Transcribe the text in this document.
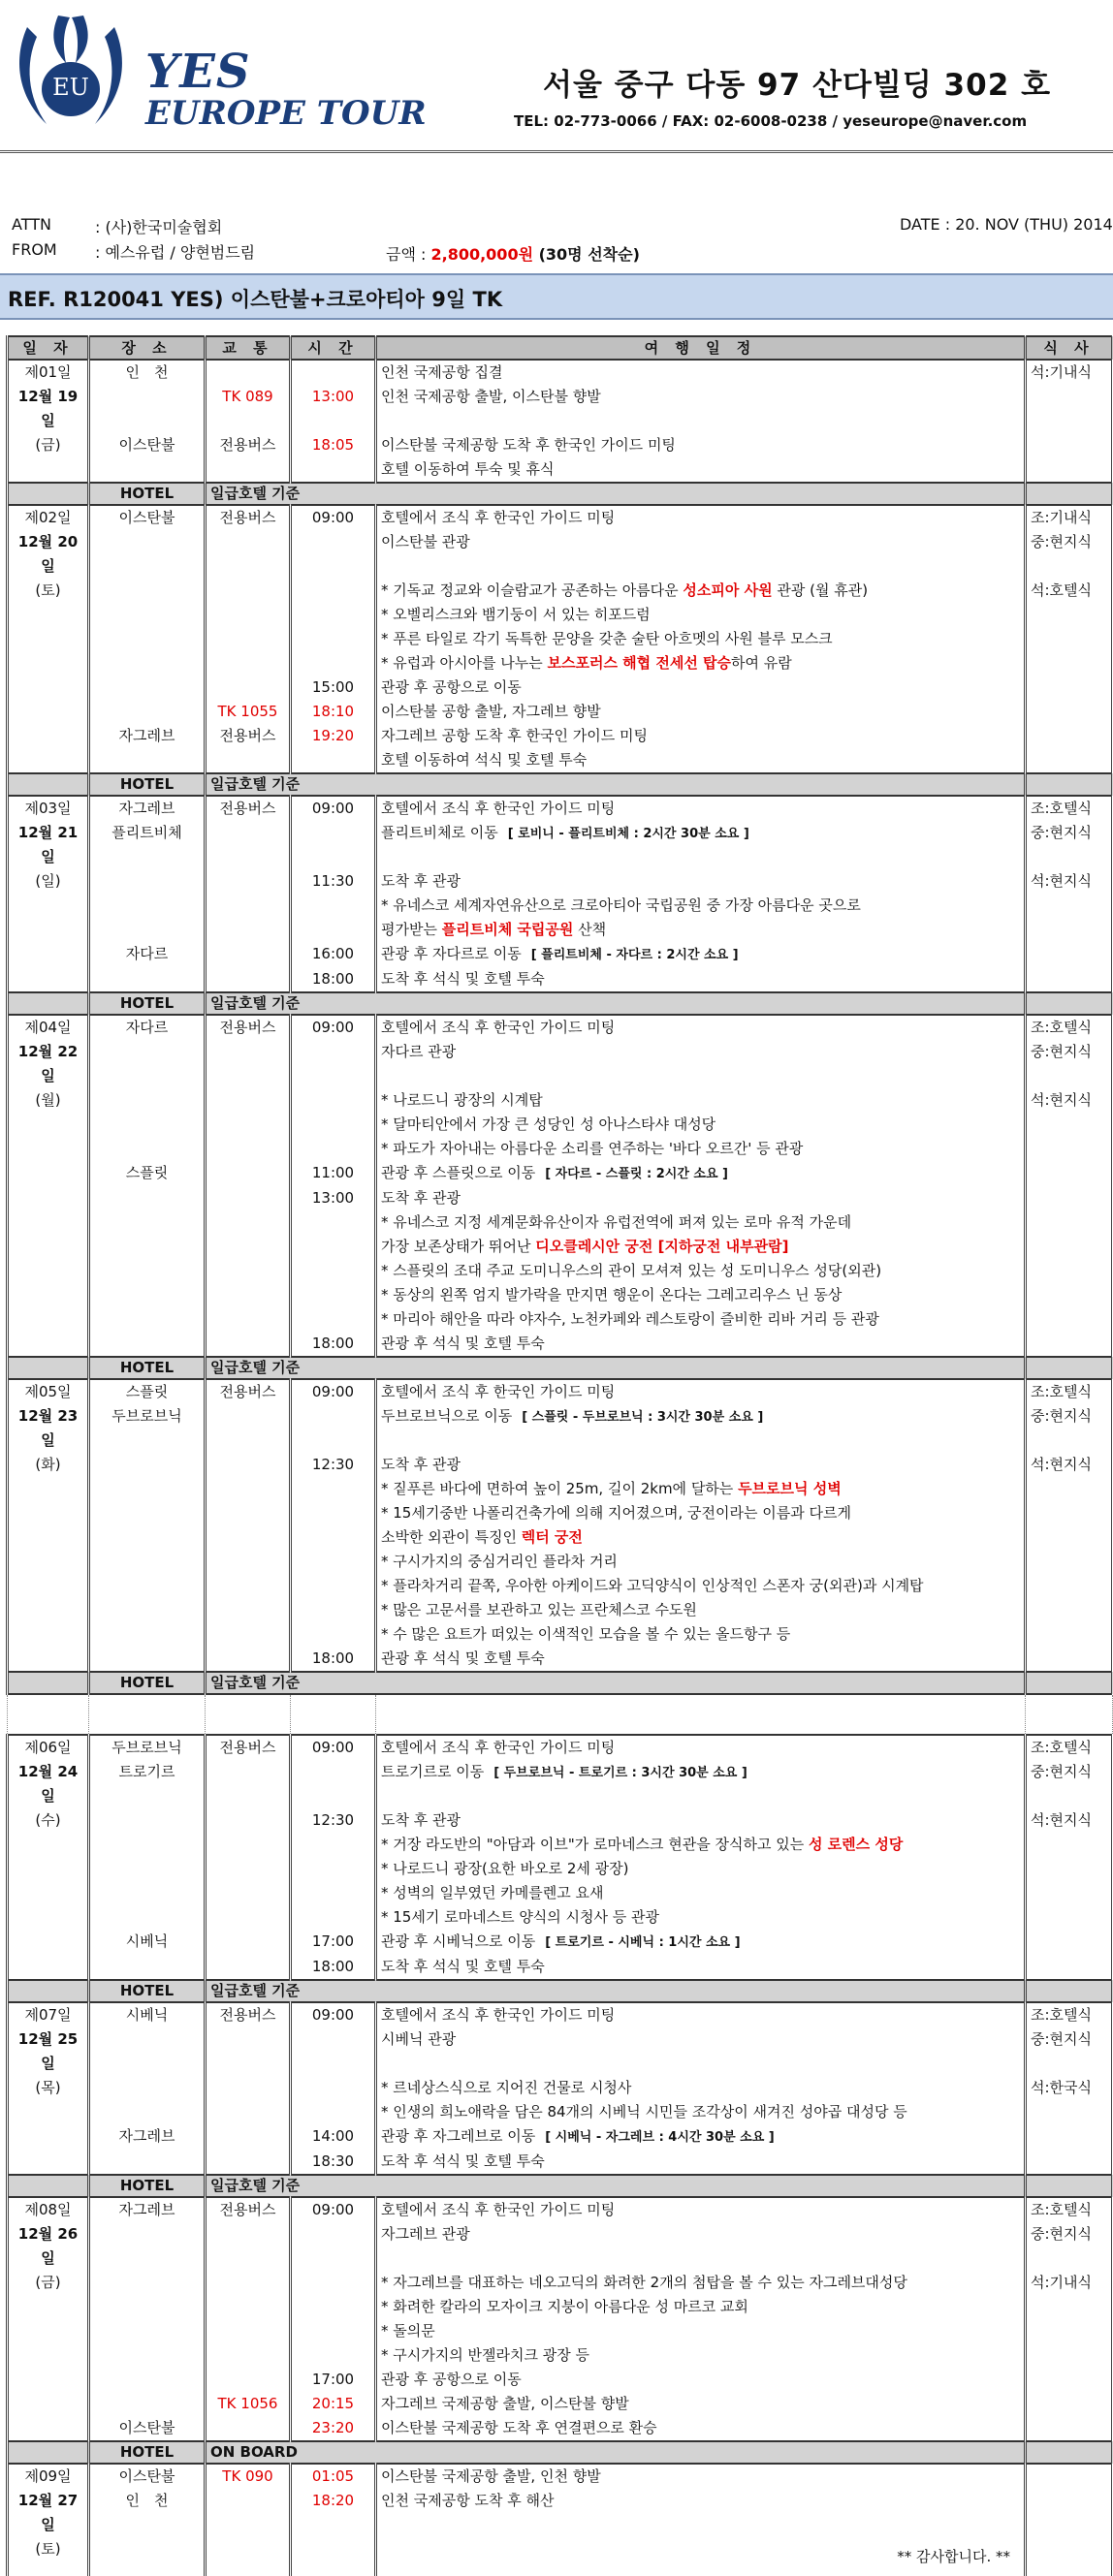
EU YES
EUROPE TOUR
서울 중구 다동 97 산다빌딩 302 호
TEL: 02-773-0066 / FAX: 02-6008-0238 / yeseurope@naver.com
ATTN	: (사)한국미술협회
FROM : 예스유럽 / 양현범드림
DATE : 20. NOV (THU) 2014
금액 : 2,800,000원 (30명 선착순)
REF. R120041 YES) 이스탄불+크로아티아 9일 TK
일 자	장 소	교 통	시 간	여 행 일 정	식 사
제01일	인　천			인천 국제공항 집결	석:기내식
12월 19일		TK 089	13:00	인천 국제공항 출발, 이스탄불 향발	
(금)	이스탄불	전용버스	18:05	이스탄불 국제공항 도착 후 한국인 가이드 미팅	
				호텔 이동하여 투숙 및 휴식	
	HOTEL	일급호텔 기준			
제02일	이스탄불	전용버스	09:00	호텔에서 조식 후 한국인 가이드 미팅	조:기내식
12월 20일				이스탄불 관광	중:현지식
(토)				* 기독교 정교와 이슬람교가 공존하는 아름다운 성소피아 사원 관광 (월 휴관)	석:호텔식
				* 오벨리스크와 뱀기둥이 서 있는 히포드럼	
				* 푸른 타일로 각기 독특한 문양을 갖춘 술탄 아흐멧의 사원 블루 모스크	
				* 유럽과 아시아를 나누는 보스포러스 해협 전세선 탑승하여 유람	
			15:00	관광 후 공항으로 이동	
		TK 1055	18:10	이스탄불 공항 출발, 자그레브 향발	
	자그레브	전용버스	19:20	자그레브 공항 도착 후 한국인 가이드 미팅	
				호텔 이동하여 석식 및 호텔 투숙	
	HOTEL	일급호텔 기준			
제03일	자그레브	전용버스	09:00	호텔에서 조식 후 한국인 가이드 미팅	조:호텔식
12월 21일	플리트비체			플리트비체로 이동 [ 로비니 - 플리트비체 : 2시간 30분 소요 ]	중:현지식
(일)			11:30	도착 후 관광	석:현지식
				* 유네스코 세계자연유산으로 크로아티아 국립공원 중 가장 아름다운 곳으로	
				평가받는 플리트비체 국립공원 산책	
	자다르		16:00	관광 후 자다르로 이동 [ 플리트비체 - 자다르 : 2시간 소요 ]	
			18:00	도착 후 석식 및 호텔 투숙	
	HOTEL	일급호텔 기준			
제04일	자다르	전용버스	09:00	호텔에서 조식 후 한국인 가이드 미팅	조:호텔식
12월 22일				자다르 관광	중:현지식
(월)				* 나로드니 광장의 시계탑	석:현지식
				* 달마티안에서 가장 큰 성당인 성 아나스타샤 대성당	
				* 파도가 자아내는 아름다운 소리를 연주하는 '바다 오르간' 등 관광	
	스플릿		11:00	관광 후 스플릿으로 이동 [ 자다르 - 스플릿 : 2시간 소요 ]	
			13:00	도착 후 관광	
				* 유네스코 지정 세계문화유산이자 유럽전역에 퍼져 있는 로마 유적 가운데	
				가장 보존상태가 뛰어난 디오클레시안 궁전 [지하궁전 내부관람]	
				* 스플릿의 조대 주교 도미니우스의 관이 모셔져 있는 성 도미니우스 성당(외관)	
				* 동상의 왼쪽 엄지 발가락을 만지면 행운이 온다는 그레고리우스 닌 동상	
				* 마리아 해안을 따라 야자수, 노천카페와 레스토랑이 즐비한 리바 거리 등 관광	
			18:00	관광 후 석식 및 호텔 투숙	
	HOTEL	일급호텔 기준			
제05일	스플릿	전용버스	09:00	호텔에서 조식 후 한국인 가이드 미팅	조:호텔식
12월 23일	두브로브닉			두브로브닉으로 이동 [ 스플릿 - 두브로브닉 : 3시간 30분 소요 ]	중:현지식
(화)			12:30	도착 후 관광	석:현지식
				* 짙푸른 바다에 면하여 높이 25m, 길이 2km에 달하는 두브로브닉 성벽	
				* 15세기중반 나폴리건축가에 의해 지어졌으며, 궁전이라는 이름과 다르게	
				소박한 외관이 특징인 렉터 궁전	
				* 구시가지의 중심거리인 플라차 거리	
				* 플라차거리 끝쪽, 우아한 아케이드와 고딕양식이 인상적인 스폰자 궁(외관)과 시계탑	
				* 많은 고문서를 보관하고 있는 프란체스코 수도원	
				* 수 많은 요트가 떠있는 이색적인 모습을 볼 수 있는 올드항구 등	
			18:00	관광 후 석식 및 호텔 투숙	
	HOTEL	일급호텔 기준			

제06일	두브로브닉	전용버스	09:00	호텔에서 조식 후 한국인 가이드 미팅	조:호텔식
12월 24일	트로기르			트로기르로 이동 [ 두브로브닉 - 트로기르 : 3시간 30분 소요 ]	중:현지식
(수)			12:30	도착 후 관광	석:현지식
				* 거장 라도반의 "아담과 이브"가 로마네스크 현관을 장식하고 있는 성 로렌스 성당	
				* 나로드니 광장(요한 바오로 2세 광장)	
				* 성벽의 일부였던 카메를렌고 요새	
				* 15세기 로마네스트 양식의 시청사 등 관광	
	시베닉		17:00	관광 후 시베닉으로 이동 [ 트로기르 - 시베닉 : 1시간 소요 ]	
			18:00	도착 후 석식 및 호텔 투숙	
	HOTEL	일급호텔 기준			
제07일	시베닉	전용버스	09:00	호텔에서 조식 후 한국인 가이드 미팅	조:호텔식
12월 25일				시베닉 관광	중:현지식
(목)				* 르네상스식으로 지어진 건물로 시청사	석:한국식
				* 인생의 희노애락을 담은 84개의 시베닉 시민들 조각상이 새겨진 성야곱 대성당 등	
	자그레브		14:00	관광 후 자그레브로 이동 [ 시베닉 - 자그레브 : 4시간 30분 소요 ]	
			18:30	도착 후 석식 및 호텔 투숙	
	HOTEL	일급호텔 기준			
제08일	자그레브	전용버스	09:00	호텔에서 조식 후 한국인 가이드 미팅	조:호텔식
12월 26일				자그레브 관광	중:현지식
(금)				* 자그레브를 대표하는 네오고딕의 화려한 2개의 첨탑을 볼 수 있는 자그레브대성당	석:기내식
				* 화려한 칼라의 모자이크 지붕이 아름다운 성 마르코 교회	
				* 돌의문	
				* 구시가지의 반젤라치크 광장 등	
			17:00	관광 후 공항으로 이동	
		TK 1056	20:15	자그레브 국제공항 출발, 이스탄불 향발	
	이스탄불		23:20	이스탄불 국제공항 도착 후 연결편으로 환승	
	HOTEL	ON BOARD			
제09일	이스탄불	TK 090	01:05	이스탄불 국제공항 출발, 인천 향발	
12월 27일	인　천		18:20	인천 국제공항 도착 후 해산	
(토)				** 감사합니다. **	
